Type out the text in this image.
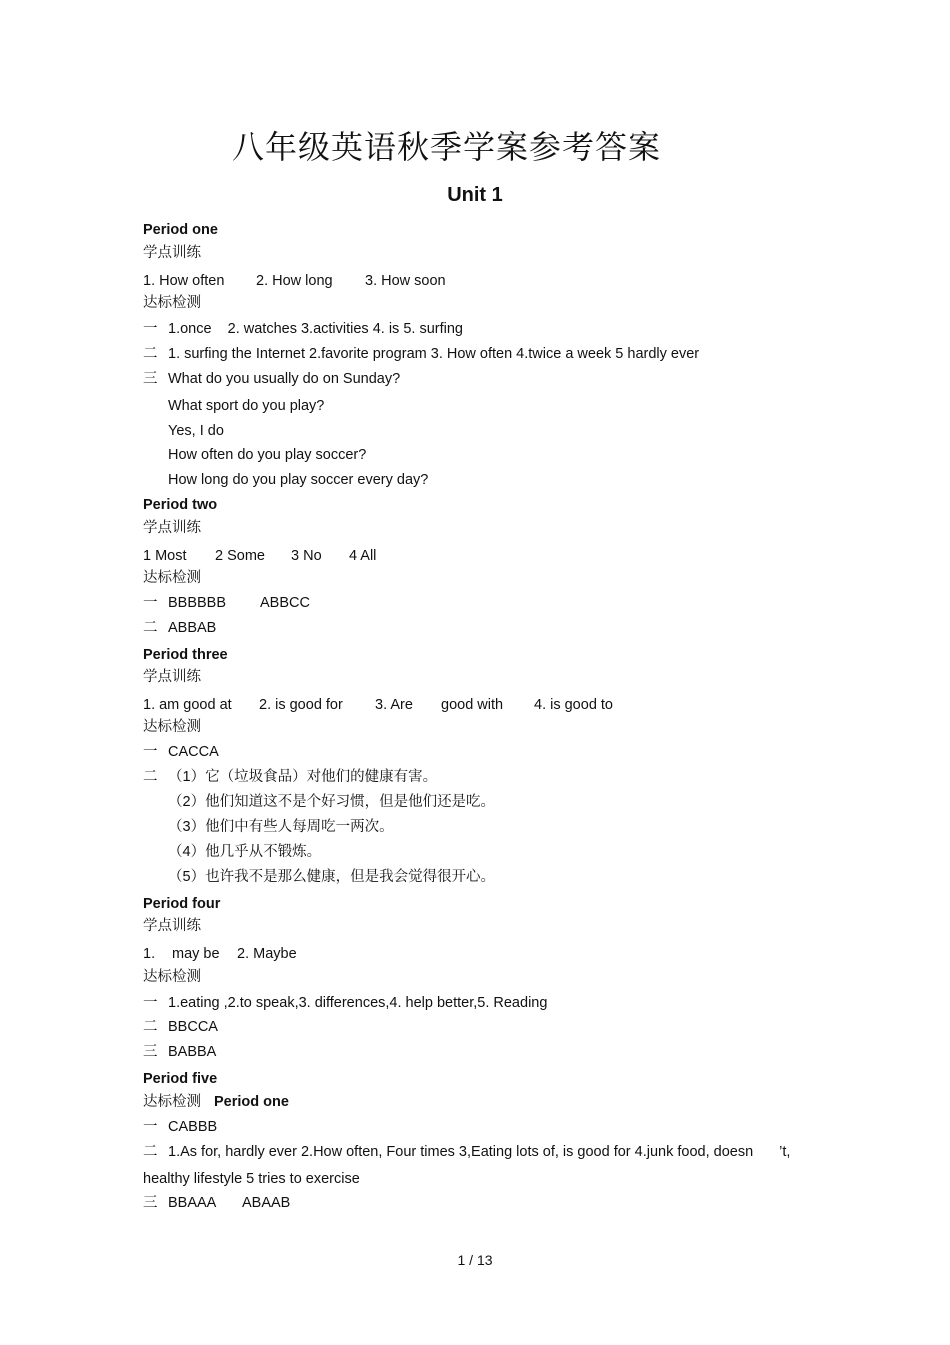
八年级英语秋季学案参考答案
Unit 1
Period one
学点训练
1. How often 2. How long 3. How soon
达标检测
一 1.once    2. watches 3.activities 4. is 5. surfing
二 1. surfing the Internet 2.favorite program 3. How often 4.twice a week 5 hardly ever
三 What do you usually do on Sunday?
What sport do you play?
Yes, I do
How often do you play soccer?
How long do you play soccer every day?
Period two
学点训练
1 Most 2 Some 3 No 4 All
达标检测
一 BBBBBB ABBCC
二 ABBAB
Period three
学点训练
1. am good at 2. is good for 3. Are good with 4. is good to
达标检测
一 CACCA
二 （1）它（垃圾食品）对他们的健康有害。
（2）他们知道这不是个好习惯，但是他们还是吃。
（3）他们中有些人每周吃一两次。
（4）他几乎从不锻炼。
（5）也许我不是那么健康，但是我会觉得很开心。
Period four
学点训练
1. may be 2. Maybe
达标检测
一 1.eating ,2.to speak,3. differences,4. help better,5. Reading
二 BBCCA
三 BABBA
Period five
达标检测 Period one
一 CABBB
二 1.As for, hardly ever 2.How often, Four times 3,Eating lots of, is good for 4.junk food, doesn ’t,
healthy lifestyle 5 tries to exercise
三 BBAAA ABAAB
1 / 13
